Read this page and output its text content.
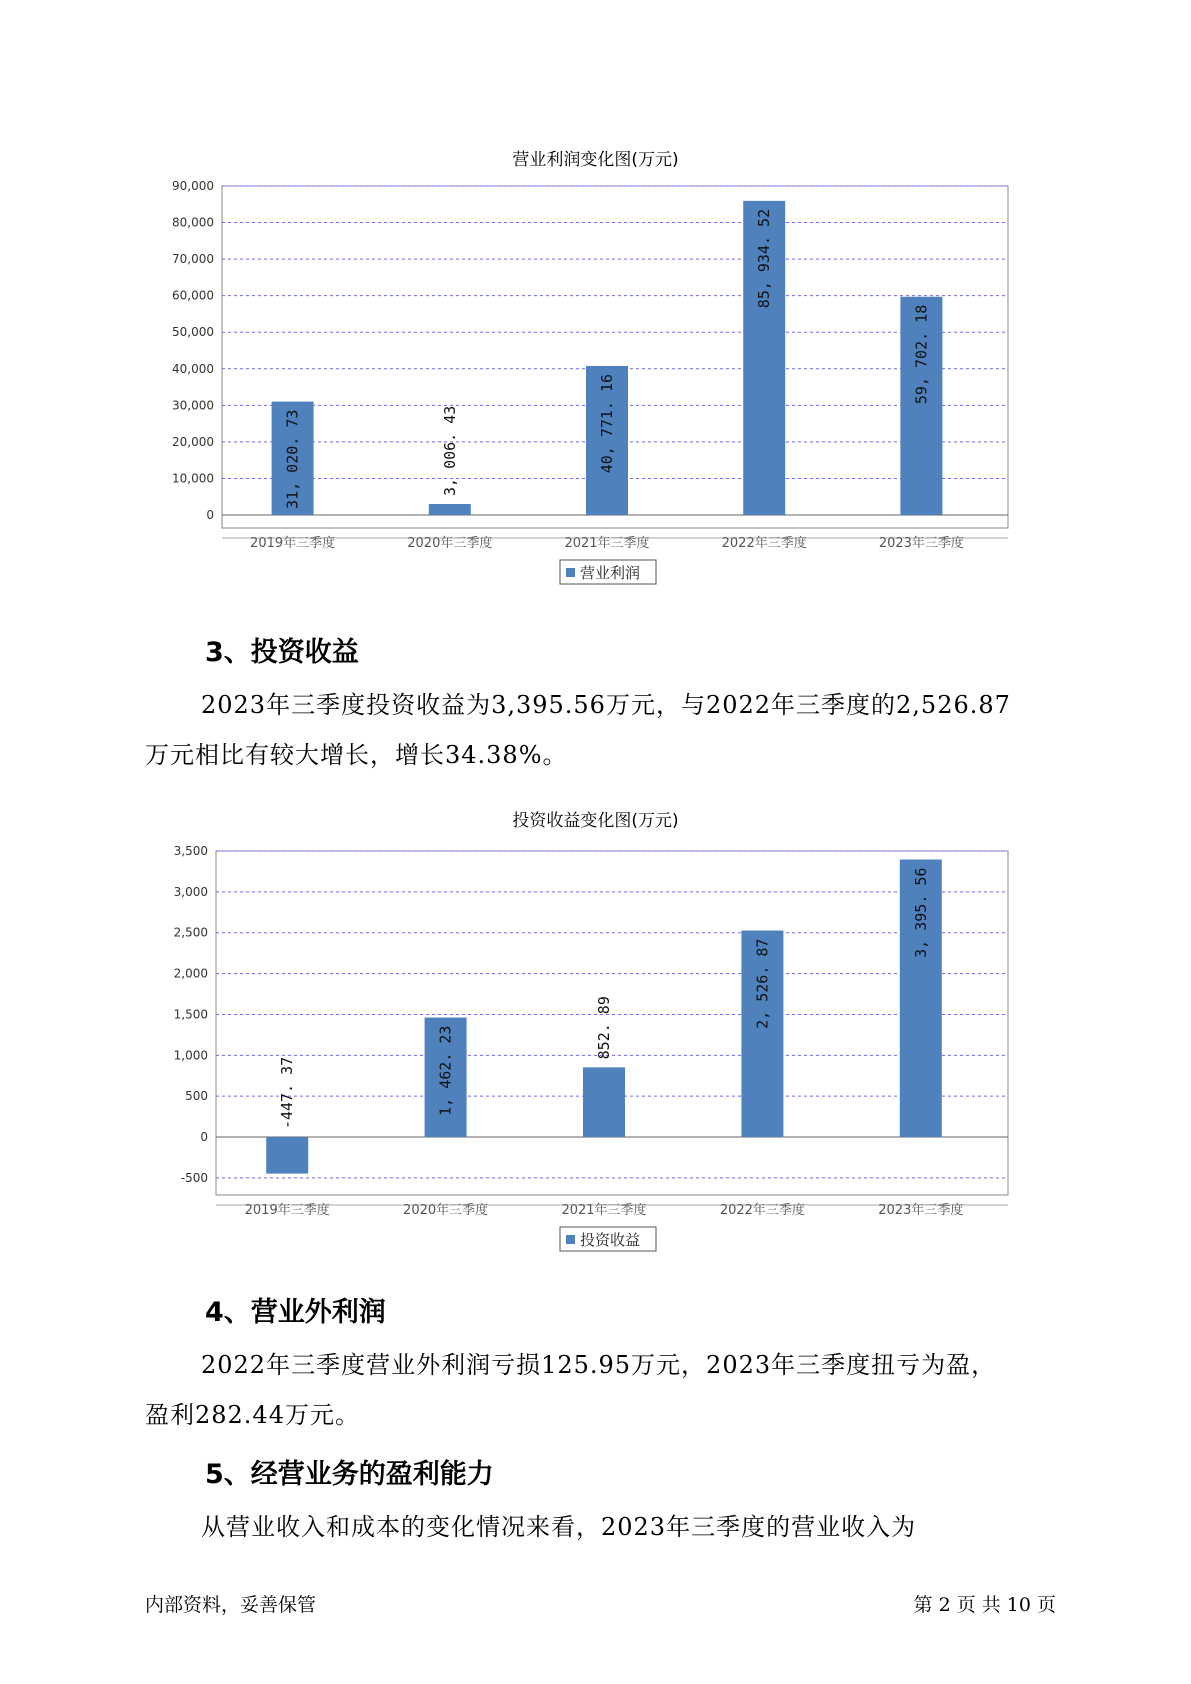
营业利润变化图(万元)
0
10,000
20,000
30,000
40,000
50,000
60,000
70,000
80,000
90,000
31, 020. 73
2019年三季度
3, 006. 43
2020年三季度
40, 771. 16
2021年三季度
85, 934. 52
2022年三季度
59, 702. 18
2023年三季度
营业利润
3、投资收益
2023年三季度投资收益为3,395.56万元，与2022年三季度的2,526.87
万元相比有较大增长，增长34.38%。
投资收益变化图(万元)
-500
0
500
1,000
1,500
2,000
2,500
3,000
3,500
-447. 37
2019年三季度
1, 462. 23
2020年三季度
852. 89
2021年三季度
2, 526. 87
2022年三季度
3, 395. 56
2023年三季度
投资收益
4、营业外利润
2022年三季度营业外利润亏损125.95万元，2023年三季度扭亏为盈，
盈利282.44万元。
5、经营业务的盈利能力
从营业收入和成本的变化情况来看，2023年三季度的营业收入为
内部资料，妥善保管	第 2 页 共 10 页
